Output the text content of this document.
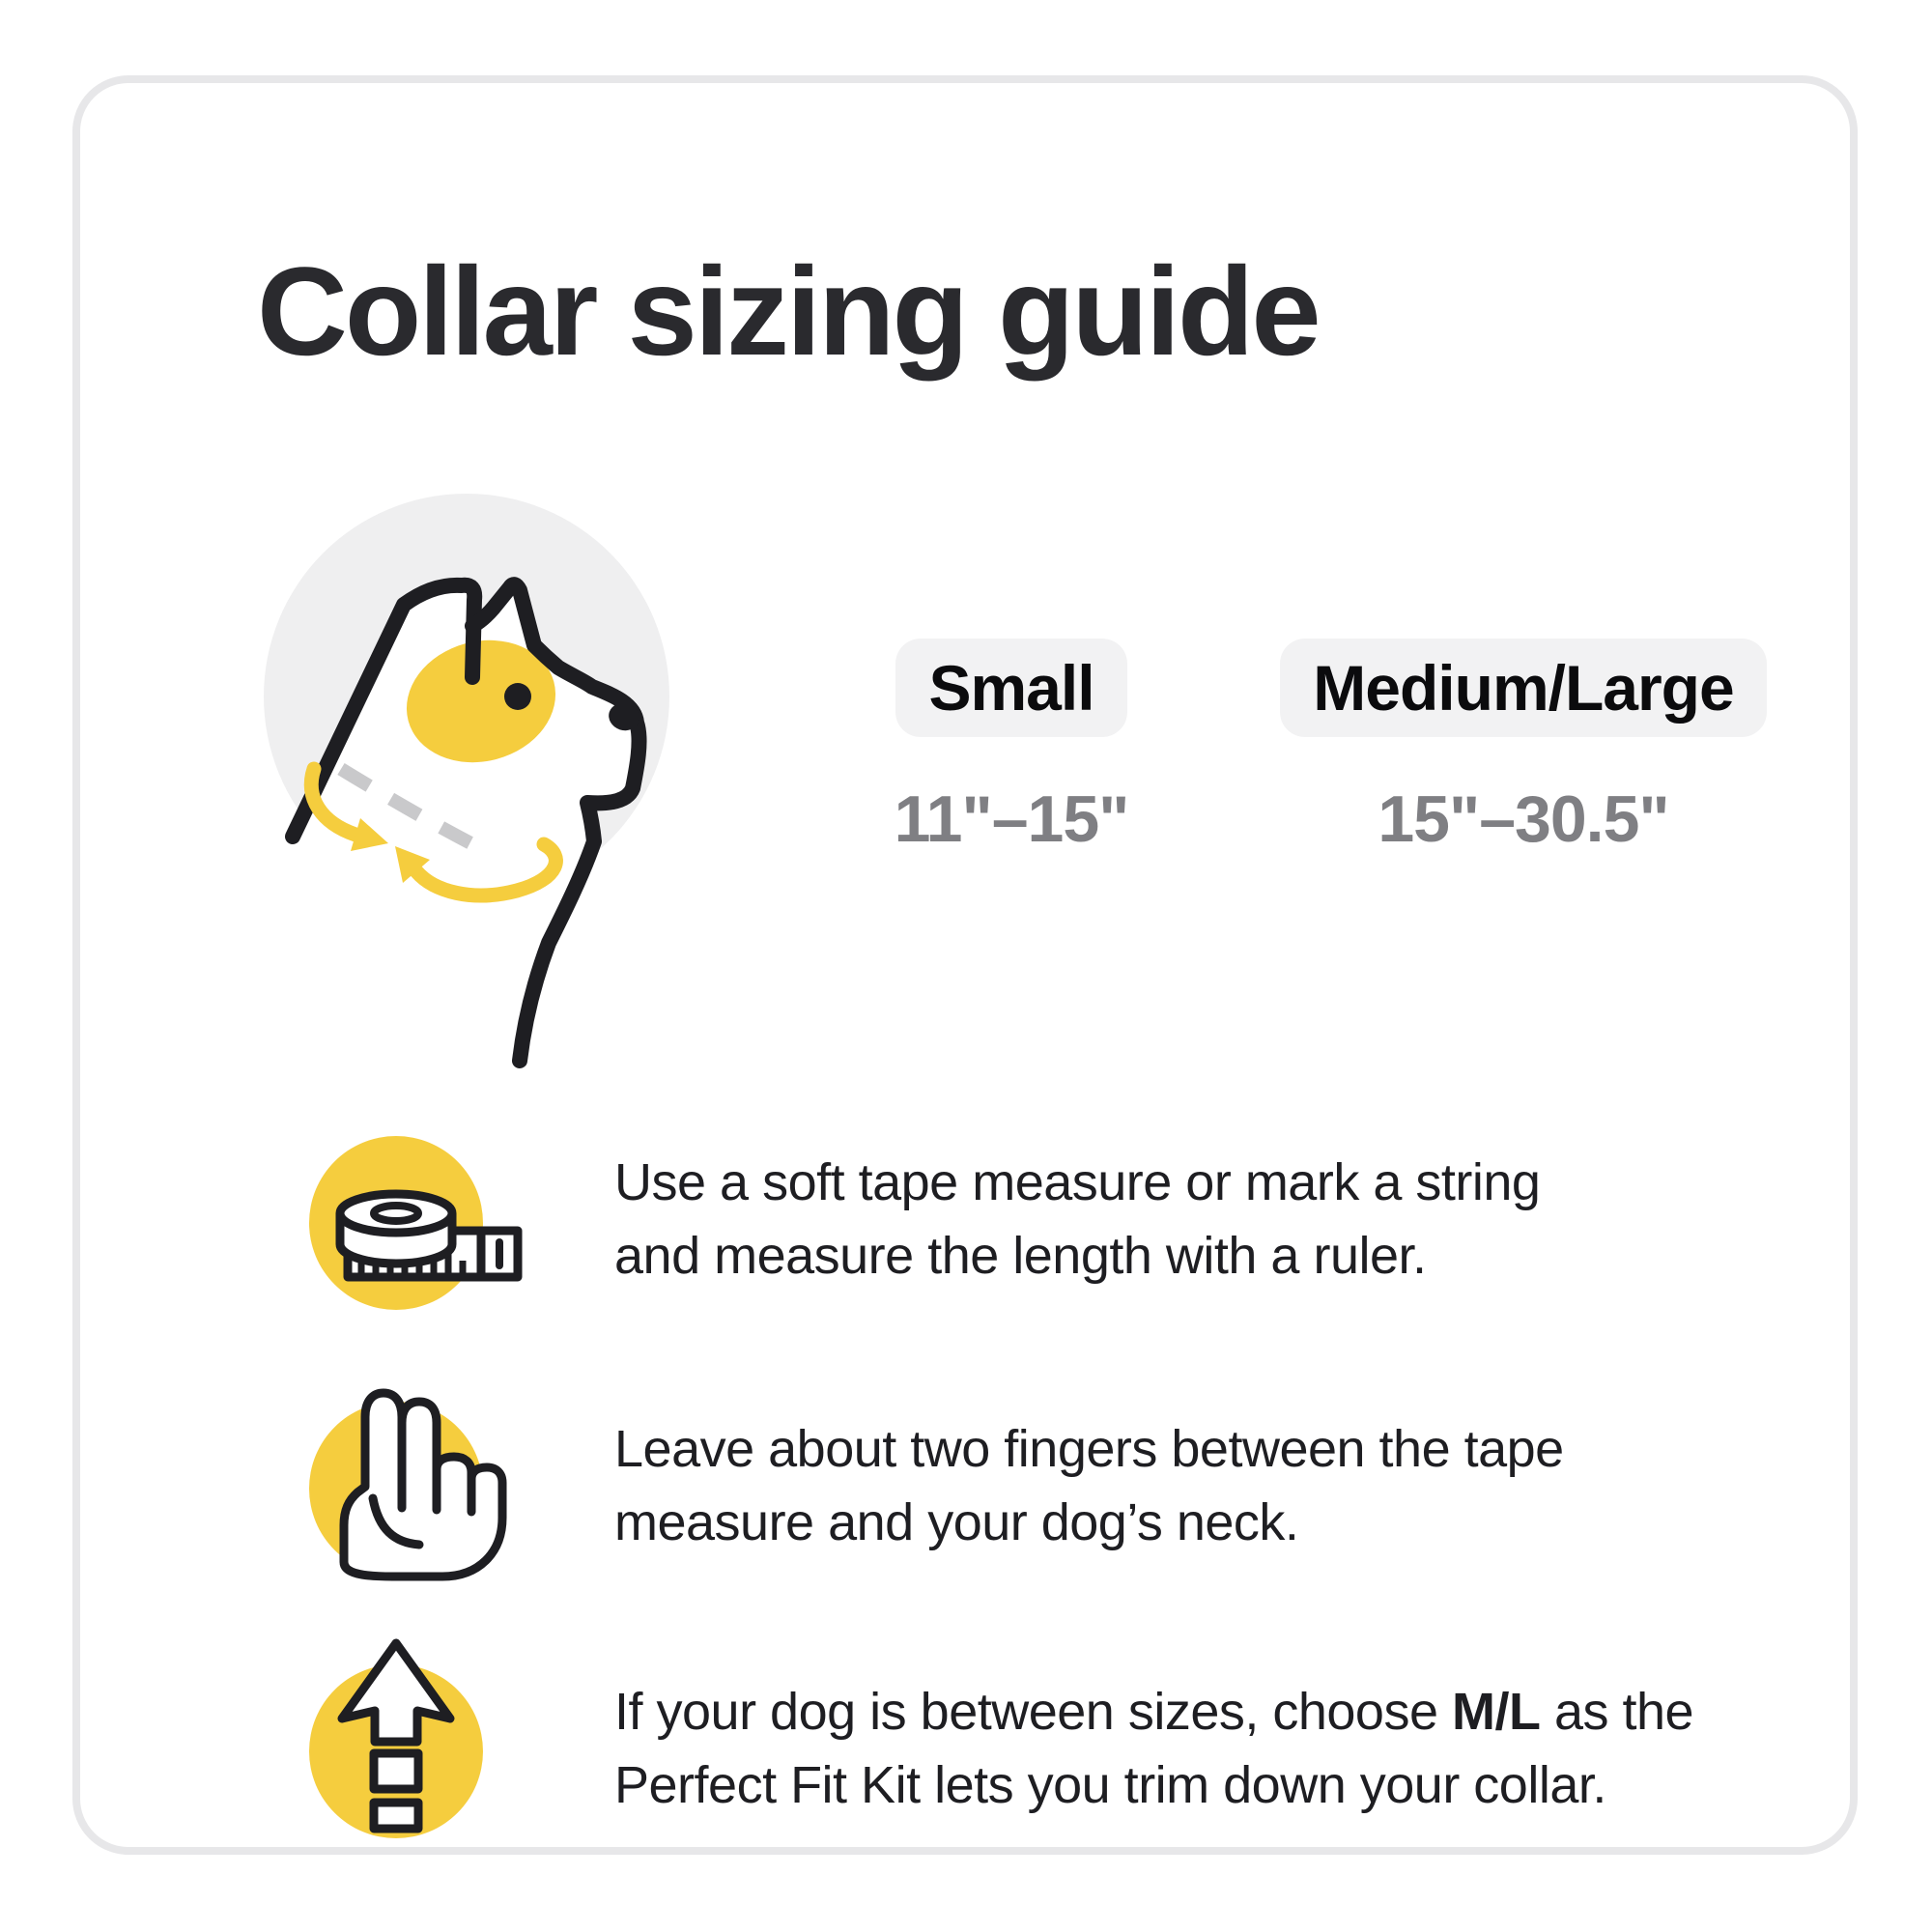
Collar sizing guide
Small
11"–15"
Medium/Large
15"–30.5"
Use a soft tape measure or mark a string
and measure the length with a ruler.
Leave about two fingers between the tape
measure and your dog’s neck.
If your dog is between sizes, choose M/L as the
Perfect Fit Kit lets you trim down your collar.
